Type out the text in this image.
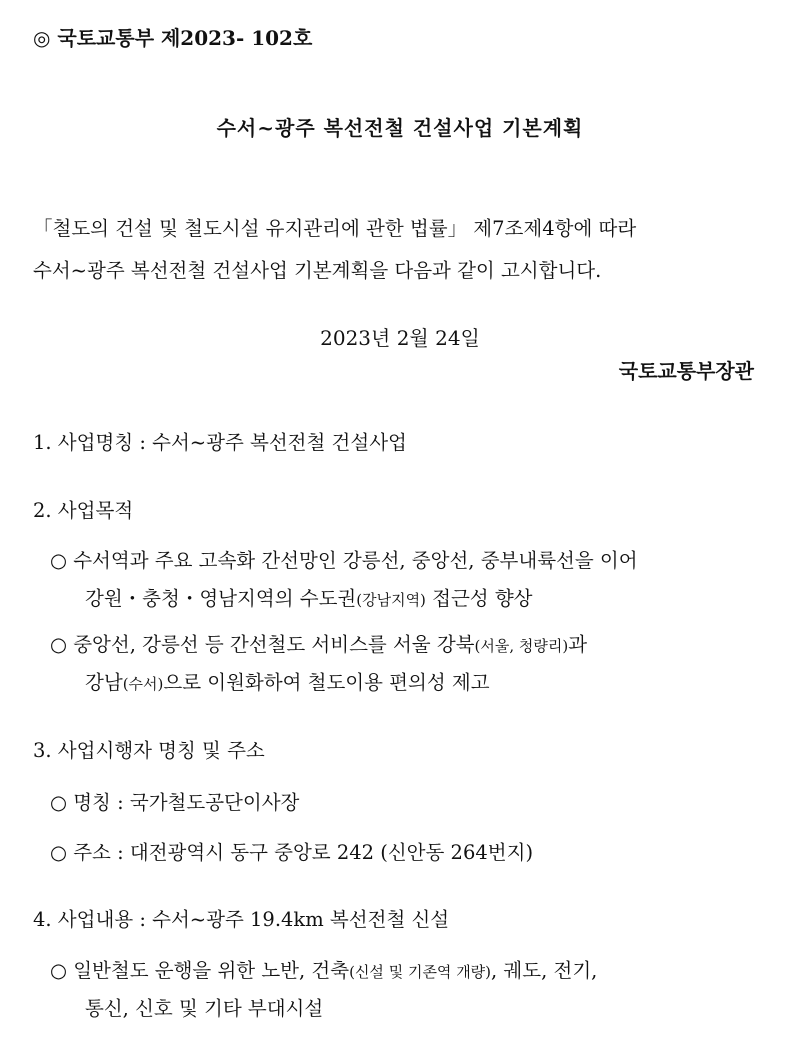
◎ 국토교통부 제2023- 102호
수서~광주 복선전철 건설사업 기본계획
「철도의 건설 및 철도시설 유지관리에 관한 법률」 제7조제4항에 따라
수서~광주 복선전철 건설사업 기본계획을 다음과 같이 고시합니다.
2023년 2월 24일
국토교통부장관
1. 사업명칭 : 수서~광주 복선전철 건설사업
2. 사업목적
○ 수서역과 주요 고속화 간선망인 강릉선, 중앙선, 중부내륙선을 이어
강원・충청・영남지역의 수도권(강남지역) 접근성 향상
○ 중앙선, 강릉선 등 간선철도 서비스를 서울 강북(서울, 청량리)과
강남(수서)으로 이원화하여 철도이용 편의성 제고
3. 사업시행자 명칭 및 주소
○ 명칭 : 국가철도공단이사장
○ 주소 : 대전광역시 동구 중앙로 242 (신안동 264번지)
4. 사업내용 : 수서~광주 19.4km 복선전철 신설
○ 일반철도 운행을 위한 노반, 건축(신설 및 기존역 개량), 궤도, 전기,
통신, 신호 및 기타 부대시설
